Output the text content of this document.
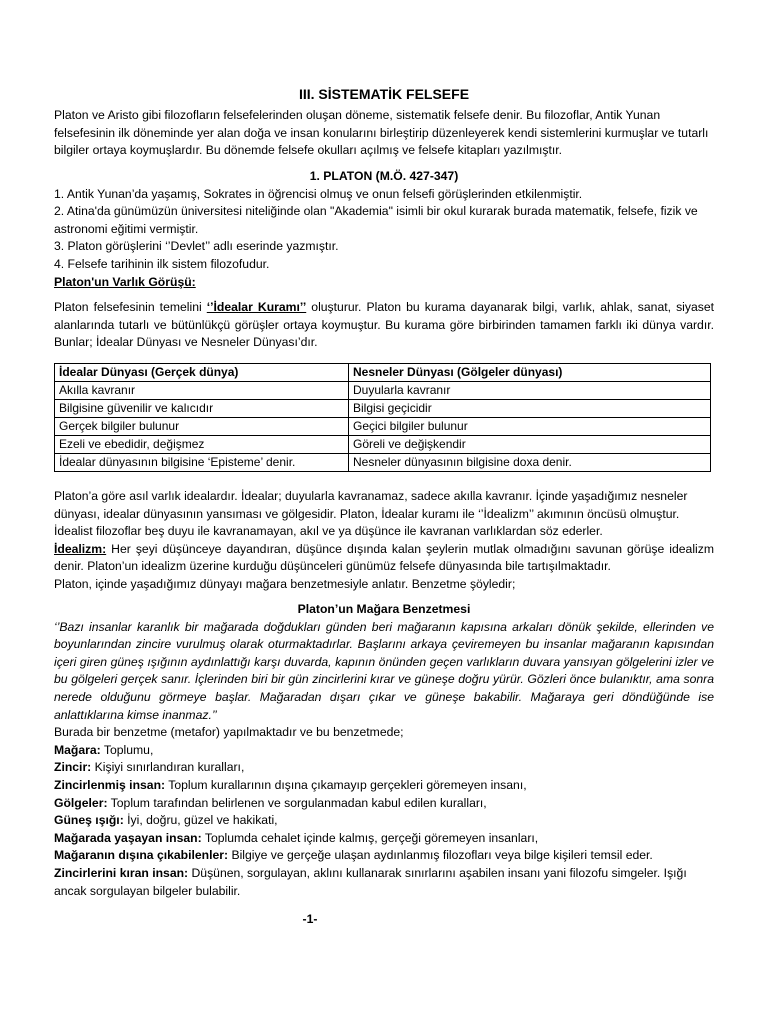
III. SİSTEMATİK FELSEFE

Platon ve Aristo gibi filozofların felsefelerinden oluşan döneme, sistematik felsefe denir. Bu filozoflar, Antik Yunan felsefesinin ilk döneminde yer alan doğa ve insan konularını birleştirip düzenleyerek kendi sistemlerini kurmuşlar ve tutarlı bilgiler ortaya koymuşlardır. Bu dönemde felsefe okulları açılmış ve felsefe kitapları yazılmıştır.

1. PLATON (M.Ö. 427-347)

1. Antik Yunan’da yaşamış, Sokrates in öğrencisi olmuş ve onun felsefi görüşlerinden etkilenmiştir.

2. Atina'da günümüzün üniversitesi niteliğinde olan "Akademia" isimli bir okul kurarak burada matematik, felsefe, fizik ve astronomi eğitimi vermiştir.

3. Platon görüşlerini ‘’Devlet’’ adlı eserinde yazmıştır.

4. Felsefe tarihinin ilk sistem filozofudur.

Platon'un Varlık Görüşü:

Platon felsefesinin temelini ‘’İdealar Kuramı’’ oluşturur. Platon bu kurama dayanarak bilgi, varlık, ahlak, sanat, siyaset alanlarında tutarlı ve bütünlükçü görüşler ortaya koymuştur. Bu kurama göre birbirinden tamamen farklı iki dünya vardır. Bunlar; İdealar Dünyası ve Nesneler Dünyası’dır.

İdealar Dünyası (Gerçek dünya)	Nesneler Dünyası (Gölgeler dünyası)
Akılla kavranır	Duyularla kavranır
Bilgisine güvenilir ve kalıcıdır	Bilgisi geçicidir
Gerçek bilgiler bulunur	Geçici bilgiler bulunur
Ezeli ve ebedidir, değişmez	Göreli ve değişkendir
İdealar dünyasının bilgisine ‘Episteme’ denir.	Nesneler dünyasının bilgisine doxa denir.

Platon’a göre asıl varlık idealardır. İdealar; duyularla kavranamaz, sadece akılla kavranır. İçinde yaşadığımız nesneler dünyası, idealar dünyasının yansıması ve gölgesidir. Platon, İdealar kuramı ile ‘’İdealizm’’ akımının öncüsü olmuştur. İdealist filozoflar beş duyu ile kavranamayan, akıl ve ya düşünce ile kavranan varlıklardan söz ederler.

İdealizm: Her şeyi düşünceye dayandıran, düşünce dışında kalan şeylerin mutlak olmadığını savunan görüşe idealizm denir. Platon’un idealizm üzerine kurduğu düşünceleri günümüz felsefe dünyasında bile tartışılmaktadır.

Platon, içinde yaşadığımız dünyayı mağara benzetmesiyle anlatır. Benzetme şöyledir;

Platon’un Mağara Benzetmesi

‘’Bazı insanlar karanlık bir mağarada doğdukları günden beri mağaranın kapısına arkaları dönük şekilde, ellerinden ve boyunlarından zincire vurulmuş olarak oturmaktadırlar. Başlarını arkaya çeviremeyen bu insanlar mağaranın kapısından içeri giren güneş ışığının aydınlattığı karşı duvarda, kapının önünden geçen varlıkların duvara yansıyan gölgelerini izler ve bu gölgeleri gerçek sanır. İçlerinden biri bir gün zincirlerini kırar ve güneşe doğru yürür. Gözleri önce bulanıktır, ama sonra nerede olduğunu görmeye başlar. Mağaradan dışarı çıkar ve güneşe bakabilir. Mağaraya geri döndüğünde ise anlattıklarına kimse inanmaz.’’

Burada bir benzetme (metafor) yapılmaktadır ve bu benzetmede;

Mağara: Toplumu,

Zincir: Kişiyi sınırlandıran kuralları,

Zincirlenmiş insan: Toplum kurallarının dışına çıkamayıp gerçekleri göremeyen insanı,

Gölgeler: Toplum tarafından belirlenen ve sorgulanmadan kabul edilen kuralları,

Güneş ışığı: İyi, doğru, güzel ve hakikati,

Mağarada yaşayan insan: Toplumda cehalet içinde kalmış, gerçeği göremeyen insanları,

Mağaranın dışına çıkabilenler: Bilgiye ve gerçeğe ulaşan aydınlanmış filozofları veya bilge kişileri temsil eder.

Zincirlerini kıran insan: Düşünen, sorgulayan, aklını kullanarak sınırlarını aşabilen insanı yani filozofu simgeler. Işığı ancak sorgulayan bilgeler bulabilir.

-1-
